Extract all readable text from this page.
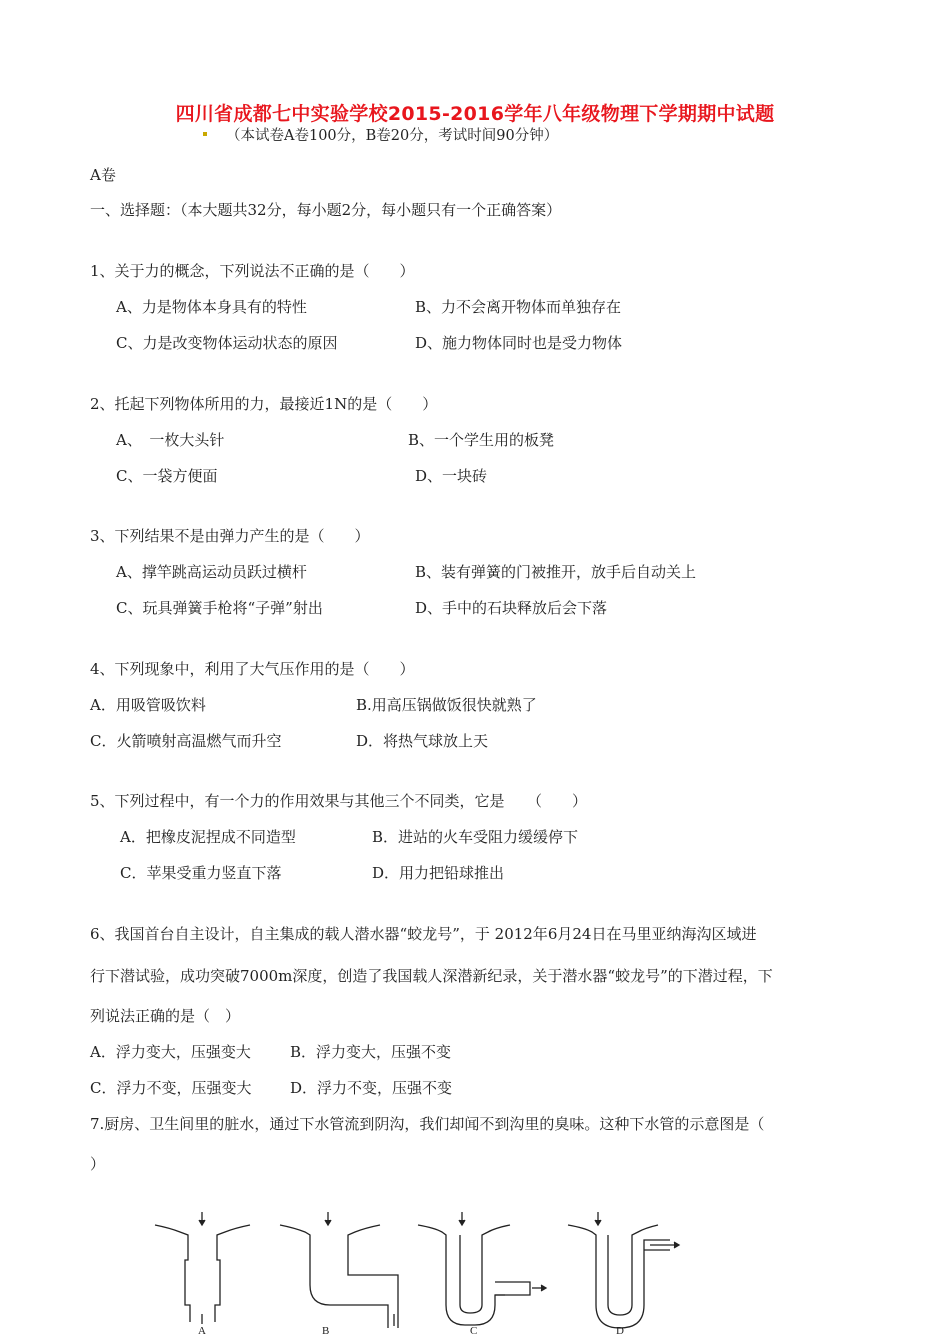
四川省成都七中实验学校2015-2016学年八年级物理下学期期中试题
（本试卷A卷100分，B卷20分，考试时间90分钟）
A卷
一、选择题：（本大题共32分，每小题2分，每小题只有一个正确答案）
1、关于力的概念，下列说法不正确的是（　　）
A、力是物体本身具有的特性	B、力不会离开物体而单独存在
C、力是改变物体运动状态的原因	D、施力物体同时也是受力物体
2、托起下列物体所用的力，最接近1N的是（　　）
A、　一枚大头针	B、一个学生用的板凳
C、一袋方便面	D、一块砖
3、下列结果不是由弹力产生的是（　　）
A、撑竿跳高运动员跃过横杆	B、装有弹簧的门被推开，放手后自动关上
C、玩具弹簧手枪将“子弹”射出	D、手中的石块释放后会下落
4、下列现象中，利用了大气压作用的是（　　）
A．用吸管吸饮料	B.用高压锅做饭很快就熟了
C．火箭喷射高温燃气而升空	D．将热气球放上天
5、下列过程中，有一个力的作用效果与其他三个不同类，它是　　（　　）
A．把橡皮泥捏成不同造型	B．进站的火车受阻力缓缓停下
C．苹果受重力竖直下落	D．用力把铅球推出
6、我国首台自主设计，自主集成的载人潜水器“蛟龙号”，于 2012年6月24日在马里亚纳海沟区域进
行下潜试验，成功突破7000m深度，创造了我国载人深潜新纪录，关于潜水器“蛟龙号”的下潜过程，下
列说法正确的是（　）
A．浮力变大，压强变大	B．浮力变大，压强不变
C．浮力不变，压强变大	D．浮力不变，压强不变
7.厨房、卫生间里的脏水，通过下水管流到阴沟，我们却闻不到沟里的臭味。这种下水管的示意图是（
）
A	B	C	D
